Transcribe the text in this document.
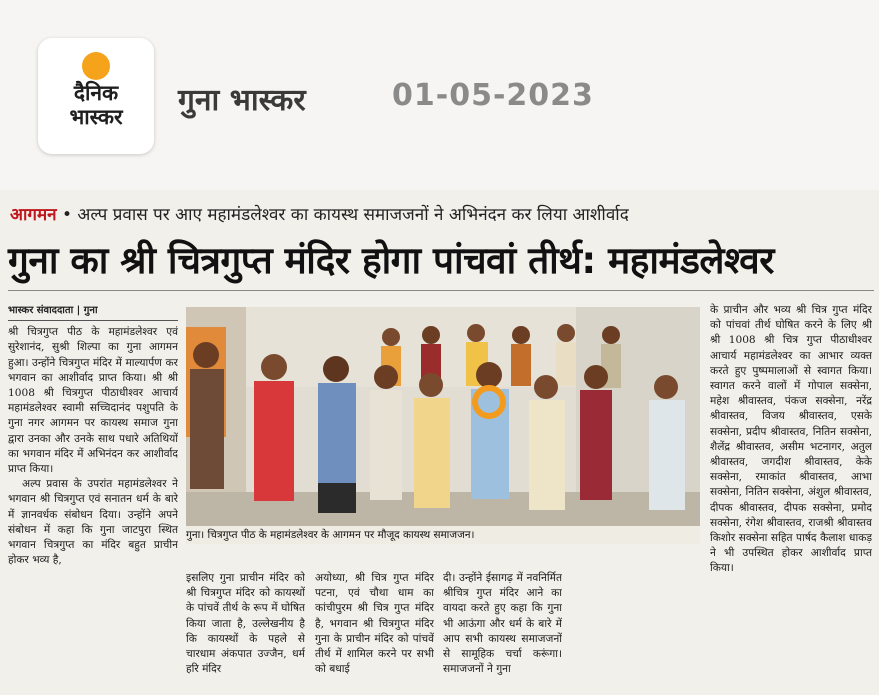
दैनिक
भास्कर	गुना भास्कर	01-05-2023
आगमन • अल्प प्रवास पर आए महामंडलेश्वर का कायस्थ समाजजनों ने अभिनंदन कर लिया आशीर्वाद
गुना का श्री चित्रगुप्त मंदिर होगा पांचवां तीर्थ: महामंडलेश्वर
भास्कर संवाददाता | गुना

श्री चित्रगुप्त पीठ के महामंडलेश्वर एवं सुरेशानंद, सुश्री शिल्पा का गुना आगमन हुआ। उन्होंने चित्रगुप्त मंदिर में माल्यार्पण कर भगवान का आशीर्वाद प्राप्त किया। श्री श्री 1008 श्री चित्रगुप्त पीठाधीश्वर आचार्य महामंडलेश्वर स्वामी सच्चिदानंद पशुपति के गुना नगर आगमन पर कायस्थ समाज गुना द्वारा उनका और उनके साथ पधारे अतिथियों का भगवान मंदिर में अभिनंदन कर आशीर्वाद प्राप्त किया।

अल्प प्रवास के उपरांत महामंडलेश्वर ने भगवान श्री चित्रगुप्त एवं सनातन धर्म के बारे में ज्ञानवर्धक संबोधन दिया। उन्होंने अपने संबोधन में कहा कि गुना जाटपुरा स्थित भगवान चित्रगुप्त का मंदिर बहुत प्राचीन होकर भव्य है,

गुना। चित्रगुप्त पीठ के महामंडलेश्वर के आगमन पर मौजूद कायस्थ समाजजन।

इसलिए गुना प्राचीन मंदिर को श्री चित्रगुप्त मंदिर को कायस्थों के पांचवें तीर्थ के रूप में घोषित किया जाता है, उल्लेखनीय है कि कायस्थों के पहले से चारधाम अंकपात उज्जैन, धर्म हरि मंदिर

अयोध्या, श्री चित्र गुप्त मंदिर पटना, एवं चौथा धाम का कांचीपुरम श्री चित्र गुप्त मंदिर है, भगवान श्री चित्रगुप्त मंदिर गुना के प्राचीन मंदिर को पांचवें तीर्थ में शामिल करने पर सभी को बधाई

दी। उन्होंने ईसागढ़ में नवनिर्मित श्रीचित्र गुप्त मंदिर आने का वायदा करते हुए कहा कि गुना भी आऊंगा और धर्म के बारे में आप सभी कायस्थ समाजजनों से सामूहिक चर्चा करूंगा। समाजजनों ने गुना

के प्राचीन और भव्य श्री चित्र गुप्त मंदिर को पांचवां तीर्थ घोषित करने के लिए श्री श्री 1008 श्री चित्र गुप्त पीठाधीश्वर आचार्य महामंडलेश्वर का आभार व्यक्त करते हुए पुष्पमालाओं से स्वागत किया। स्वागत करने वालों में गोपाल सक्सेना, महेश श्रीवास्तव, पंकज सक्सेना, नरेंद्र श्रीवास्तव, विजय श्रीवास्तव, एसके सक्सेना, प्रदीप श्रीवास्तव, नितिन सक्सेना, शैलेंद्र श्रीवास्तव, असीम भटनागर, अतुल श्रीवास्तव, जगदीश श्रीवास्तव, केके सक्सेना, रमाकांत श्रीवास्तव, आभा सक्सेना, नितिन सक्सेना, अंशुल श्रीवास्तव, दीपक श्रीवास्तव, दीपक सक्सेना, प्रमोद सक्सेना, रंगेश श्रीवास्तव, राजश्री श्रीवास्तव किशोर सक्सेना सहित पार्षद कैलाश धाकड़ ने भी उपस्थित होकर आशीर्वाद प्राप्त किया।
